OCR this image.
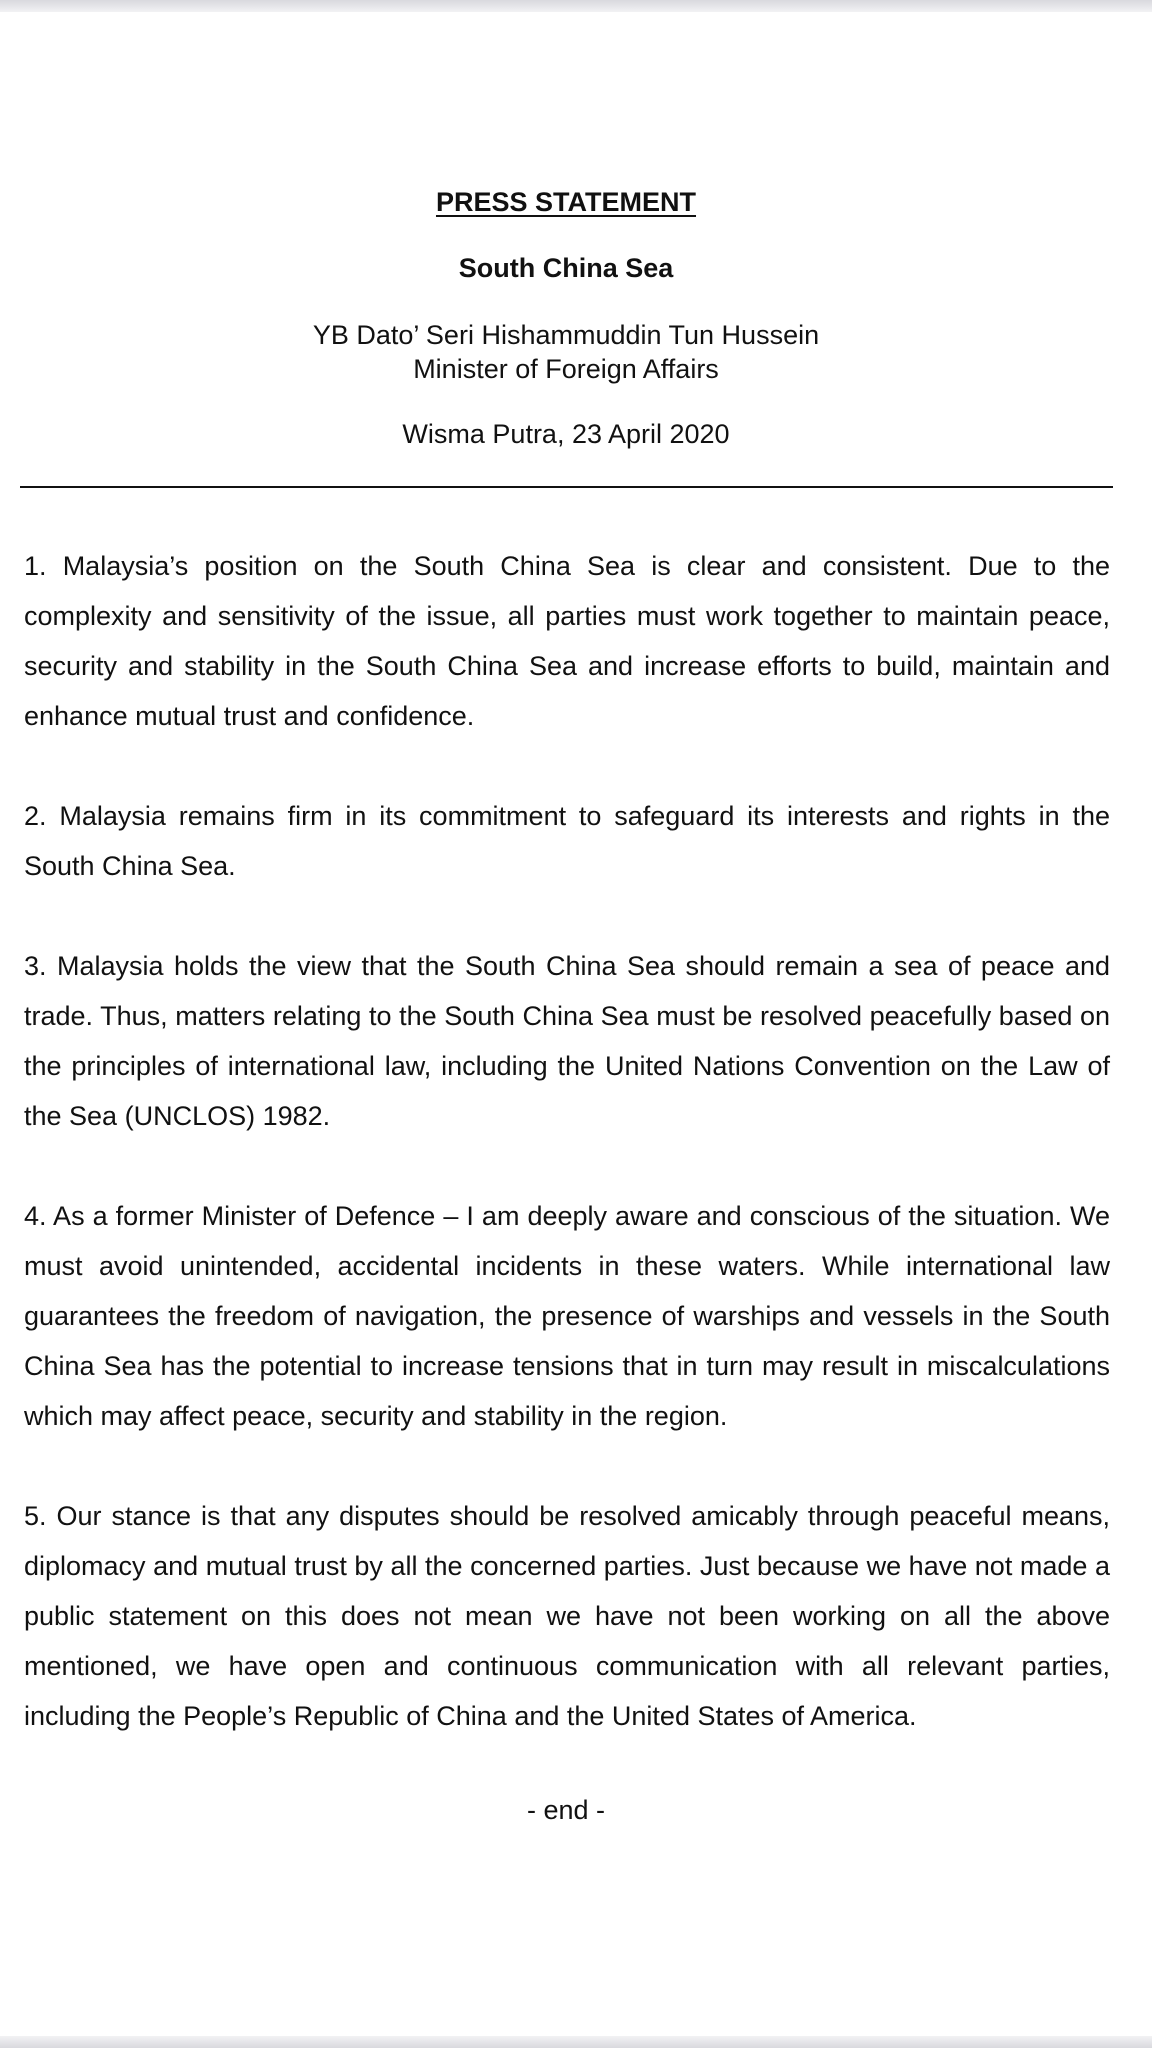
PRESS STATEMENT
South China Sea
YB Dato’ Seri Hishammuddin Tun Hussein
Minister of Foreign Affairs
Wisma Putra, 23 April 2020

1. Malaysia’s position on the South China Sea is clear and consistent. Due to the complexity and sensitivity of the issue, all parties must work together to maintain peace, security and stability in the South China Sea and increase efforts to build, maintain and enhance mutual trust and confidence.

2. Malaysia remains firm in its commitment to safeguard its interests and rights in the South China Sea.

3. Malaysia holds the view that the South China Sea should remain a sea of peace and trade. Thus, matters relating to the South China Sea must be resolved peacefully based on the principles of international law, including the United Nations Convention on the Law of the Sea (UNCLOS) 1982.

4. As a former Minister of Defence – I am deeply aware and conscious of the situation. We must avoid unintended, accidental incidents in these waters. While international law guarantees the freedom of navigation, the presence of warships and vessels in the South China Sea has the potential to increase tensions that in turn may result in miscalculations which may affect peace, security and stability in the region.

5. Our stance is that any disputes should be resolved amicably through peaceful means, diplomacy and mutual trust by all the concerned parties. Just because we have not made a public statement on this does not mean we have not been working on all the above mentioned, we have open and continuous communication with all relevant parties, including the People’s Republic of China and the United States of America.

- end -
